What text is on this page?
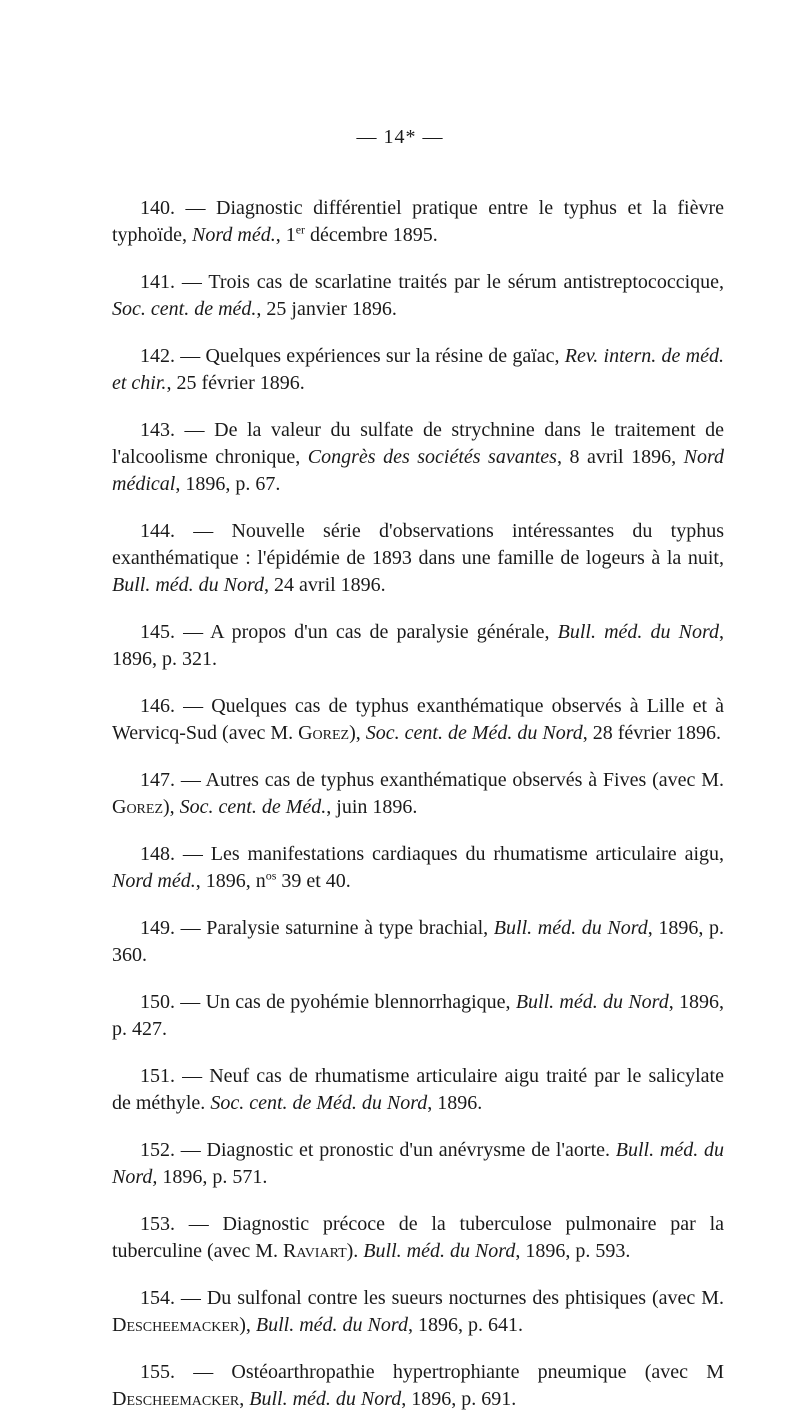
— 14* —

140. — Diagnostic différentiel pratique entre le typhus et la fièvre typhoïde, Nord méd., 1er décembre 1895.

141. — Trois cas de scarlatine traités par le sérum antistreptococcique, Soc. cent. de méd., 25 janvier 1896.

142. — Quelques expériences sur la résine de gaïac, Rev. intern. de méd. et chir., 25 février 1896.

143. — De la valeur du sulfate de strychnine dans le traitement de l'alcoolisme chronique, Congrès des sociétés savantes, 8 avril 1896, Nord médical, 1896, p. 67.

144. — Nouvelle série d'observations intéressantes du typhus exanthématique : l'épidémie de 1893 dans une famille de logeurs à la nuit, Bull. méd. du Nord, 24 avril 1896.

145. — A propos d'un cas de paralysie générale, Bull. méd. du Nord, 1896, p. 321.

146. — Quelques cas de typhus exanthématique observés à Lille et à Wervicq-Sud (avec M. Gorez), Soc. cent. de Méd. du Nord, 28 février 1896.

147. — Autres cas de typhus exanthématique observés à Fives (avec M. Gorez), Soc. cent. de Méd., juin 1896.

148. — Les manifestations cardiaques du rhumatisme articulaire aigu, Nord méd., 1896, $n^{os}$ 39 et 40.

149. — Paralysie saturnine à type brachial, Bull. méd. du Nord, 1896, p. 360.

150. — Un cas de pyohémie blennorrhagique, Bull. méd. du Nord, 1896, p. 427.

151. — Neuf cas de rhumatisme articulaire aigu traité par le salicylate de méthyle. Soc. cent. de Méd. du Nord, 1896.

152. — Diagnostic et pronostic d'un anévrysme de l'aorte. Bull. méd. du Nord, 1896, p. 571.

153. — Diagnostic précoce de la tuberculose pulmonaire par la tuberculine (avec M. Raviart). Bull. méd. du Nord, 1896, p. 593.

154. — Du sulfonal contre les sueurs nocturnes des phtisiques (avec M. Descheemacker), Bull. méd. du Nord, 1896, p. 641.

155. — Ostéoarthropathie hypertrophiante pneumique (avec M Descheemacker, Bull. méd. du Nord, 1896, p. 691.
